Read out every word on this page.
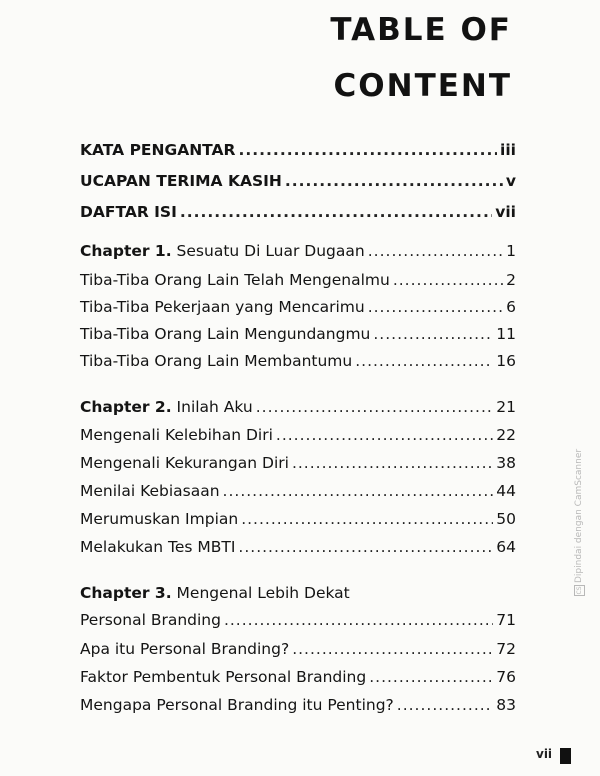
TABLE OF
CONTENT
KATA PENGANTAR .....	iii
UCAPAN TERIMA KASIH .....	v
DAFTAR ISI .....	vii
Chapter 1. Sesuatu Di Luar Dugaan .....	1
Tiba-Tiba Orang Lain Telah Mengenalmu .....	2
Tiba-Tiba Pekerjaan yang Mencarimu .....	6
Tiba-Tiba Orang Lain Mengundangmu .....	11
Tiba-Tiba Orang Lain Membantumu .....	16
Chapter 2. Inilah Aku .....	21
Mengenali Kelebihan Diri .....	22
Mengenali Kekurangan Diri .....	38
Menilai Kebiasaan .....	44
Merumuskan Impian .....	50
Melakukan Tes MBTI .....	64
Chapter 3. Mengenal Lebih Dekat
Personal Branding .....	71
Apa itu Personal Branding? .....	72
Faktor Pembentuk Personal Branding .....	76
Mengapa Personal Branding itu Penting? .....	83
vii
CSDipindai dengan CamScanner
